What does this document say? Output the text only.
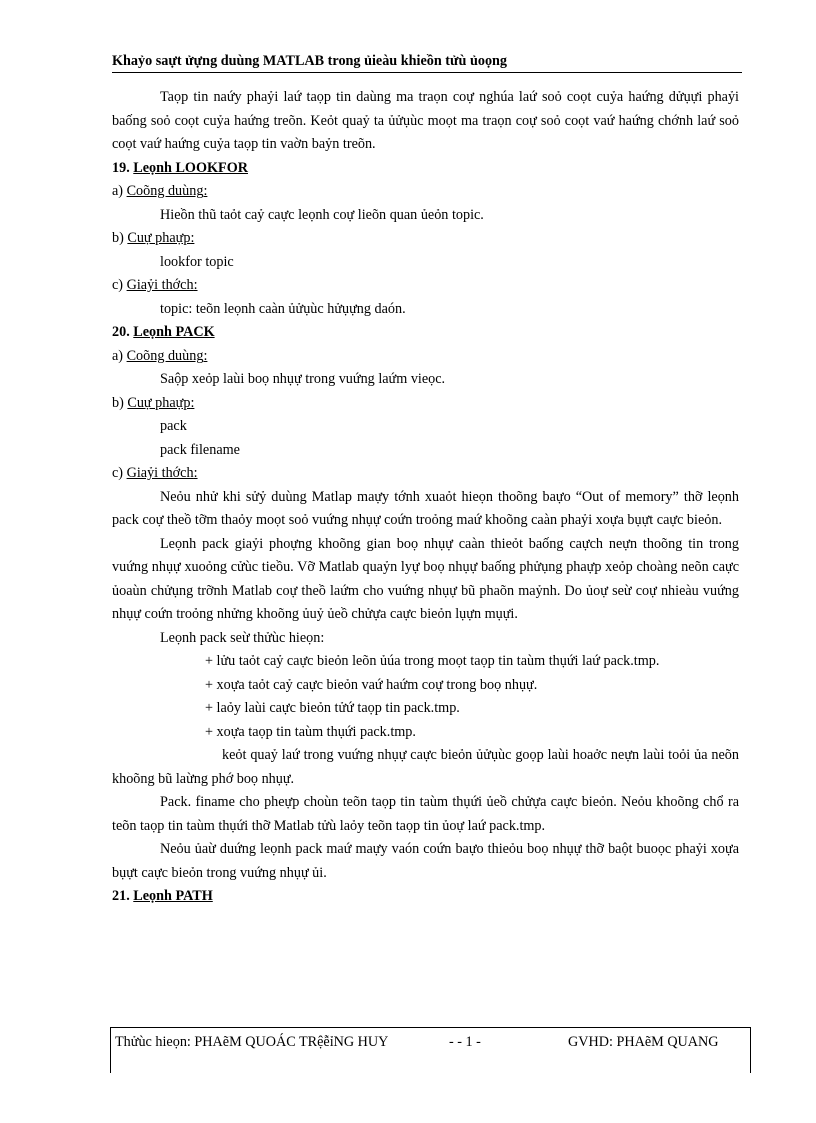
Khaỷo saựt ửựng duùng MATLAB trong ủieàu khieồn tửù ủoọng

Taọp tin naứy phaỷi laứ taọp tin daùng ma traọn coự nghúa laứ soỏ coọt cuỷa haứng dửụựi phaỷi baống soỏ coọt cuỷa haứng treõn. Keỏt quaỷ ta ủửụùc moọt ma traọn coự soỏ coọt vaứ haứng chớnh laứ soỏ coọt vaứ haứng cuỷa taọp tin vaờn baỷn treõn.

19. Leọnh LOOKFOR

a) Coõng duùng:

Hieồn thũ taỏt caỷ caực leọnh coự lieõn quan ủeỏn topic.

b) Cuự phaựp:

lookfor topic

c) Giaỷi thớch:

topic: teõn leọnh caàn ủửụùc hửụựng daón.

20. Leọnh PACK

a) Coõng duùng:

Saộp xeỏp laùi boọ nhụự trong vuứng laứm vieọc.

b) Cuự phaựp:

pack

pack filename

c) Giaỷi thớch:

Neỏu nhử khi sửỷ duùng Matlap maựy tớnh xuaỏt hieọn thoõng baựo “Out of memory” thỡ leọnh pack coự theồ tỡm thaỏy moọt soỏ vuứng nhụự coứn troỏng maứ khoõng caàn phaỷi xoựa bụựt caực bieỏn.

Leọnh pack giaỷi phoựng khoõng gian boọ nhụự caàn thieỏt baống caựch neựn thoõng tin trong vuứng nhụự xuoỏng cửùc tieồu. Vỡ Matlab quaỷn lyự boọ nhụự baống phửụng phaựp xeỏp choàng neõn caực ủoaùn chửụng trỡnh Matlab coự theồ laứm cho vuứng nhụự bũ phaõn maỷnh. Do ủoự seừ coự nhieàu vuứng nhụự coứn troỏng nhửng khoõng ủuỷ ủeồ chửựa caực bieỏn lụựn mụựi.

Leọnh pack seừ thửùc hieọn:

+ lửu taỏt caỷ caực bieỏn leõn ủúa trong moọt taọp tin taùm thụứi laứ pack.tmp.

+ xoựa taỏt caỷ caực bieỏn vaứ haứm coự trong boọ nhụự.

+ laỏy laùi caực bieỏn tửứ taọp tin pack.tmp.

+ xoựa taọp tin taùm thụứi pack.tmp.

keỏt quaỷ laứ trong vuứng nhụự caực bieỏn ủửụùc goọp laùi hoaởc neựn laùi toỏi ủa neõn khoõng bũ laừng phớ boọ nhụự.

Pack. finame cho pheựp choùn teõn taọp tin taùm thụứi ủeồ chửựa caực bieỏn. Neỏu khoõng chổ ra teõn taọp tin taùm thụứi thỡ Matlab tửù laỏy teõn taọp tin ủoự laứ pack.tmp.

Neỏu ủaừ duứng leọnh pack maứ maựy vaón coứn baựo thieỏu boọ nhụự thỡ baột buoọc phaỷi xoựa bụựt caực bieỏn trong vuứng nhụự ủi.

21. Leọnh PATH

Thửùc hieọn: PHAẽM QUOÁC TRệễỉNG HUY	- - 1 -	GVHD: PHAẽM QUANG
